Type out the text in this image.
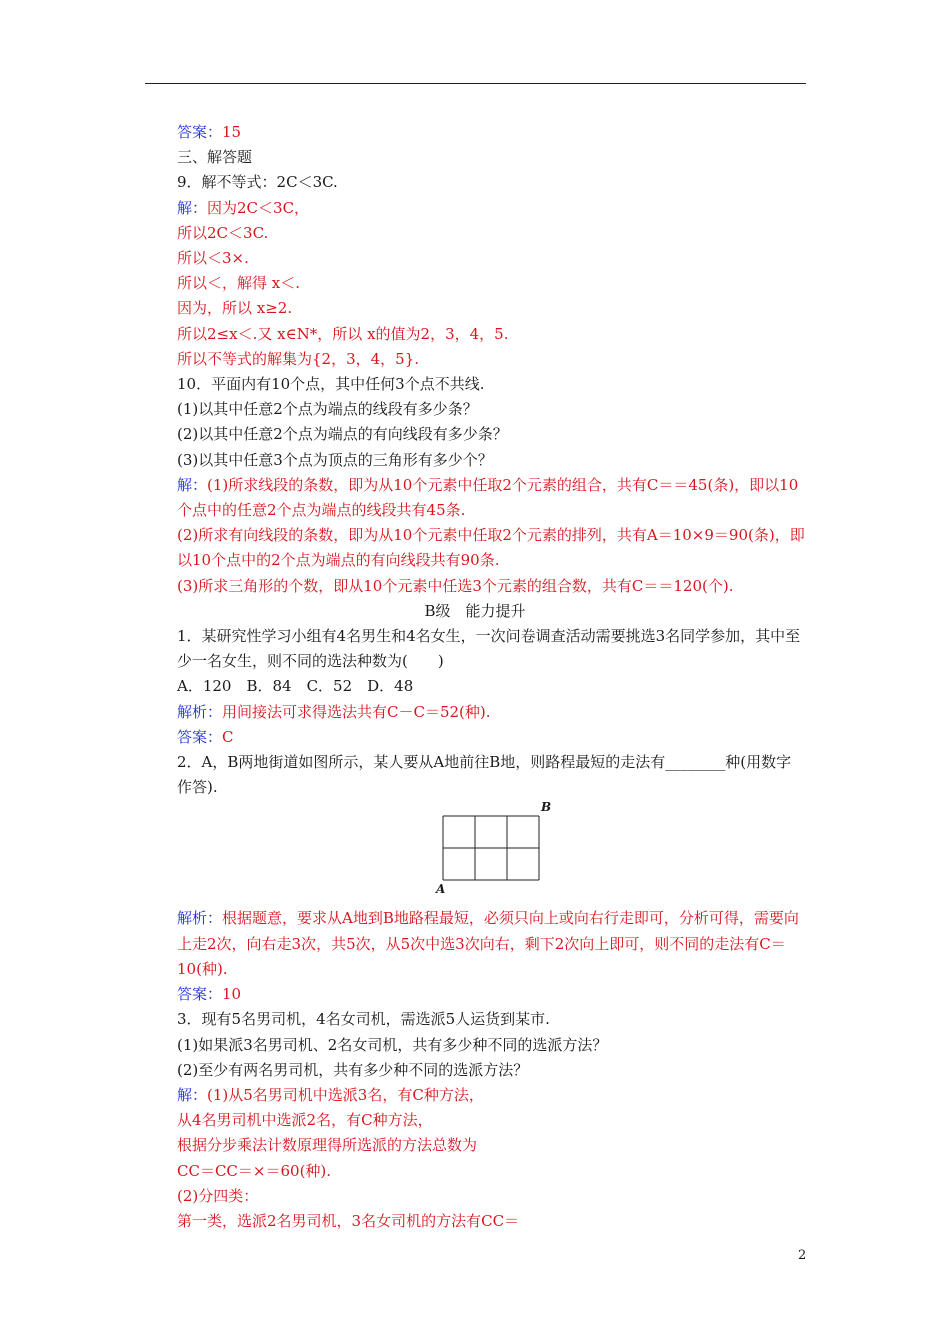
答案：15
三、解答题
9．解不等式：2C＜3C.
解：因为2C＜3C，
所以2C＜3C.
所以＜3×.
所以＜，解得 x＜.
因为，所以 x≥2.
所以2≤x＜.又 x∈N*，所以 x的值为2，3，4，5.
所以不等式的解集为{2，3，4，5}.
10．平面内有10个点，其中任何3个点不共线.
(1)以其中任意2个点为端点的线段有多少条？
(2)以其中任意2个点为端点的有向线段有多少条？
(3)以其中任意3个点为顶点的三角形有多少个？
解：(1)所求线段的条数，即为从10个元素中任取2个元素的组合，共有C＝＝45(条)，即以10个点中的任意2个点为端点的线段共有45条.
(2)所求有向线段的条数，即为从10个元素中任取2个元素的排列，共有A＝10×9＝90(条)，即以10个点中的2个点为端点的有向线段共有90条.
(3)所求三角形的个数，即从10个元素中任选3个元素的组合数，共有C＝＝120(个).
B级　能力提升
1．某研究性学习小组有4名男生和4名女生，一次问卷调查活动需要挑选3名同学参加，其中至少一名女生，则不同的选法种数为(　　)
A．120　B．84　C．52　D．48
解析：用间接法可求得选法共有C－C＝52(种).
答案：C
2．A，B两地街道如图所示，某人要从A地前往B地，则路程最短的走法有________种(用数字作答).
A
B
解析：根据题意，要求从A地到B地路程最短，必须只向上或向右行走即可，分析可得，需要向上走2次，向右走3次，共5次，从5次中选3次向右，剩下2次向上即可，则不同的走法有C＝10(种).
答案：10
3．现有5名男司机，4名女司机，需选派5人运货到某市.
(1)如果派3名男司机、2名女司机，共有多少种不同的选派方法？
(2)至少有两名男司机，共有多少种不同的选派方法？
解：(1)从5名男司机中选派3名，有C种方法，
从4名男司机中选派2名，有C种方法，
根据分步乘法计数原理得所选派的方法总数为
CC＝CC＝×＝60(种).
(2)分四类：
第一类，选派2名男司机，3名女司机的方法有CC＝
2
